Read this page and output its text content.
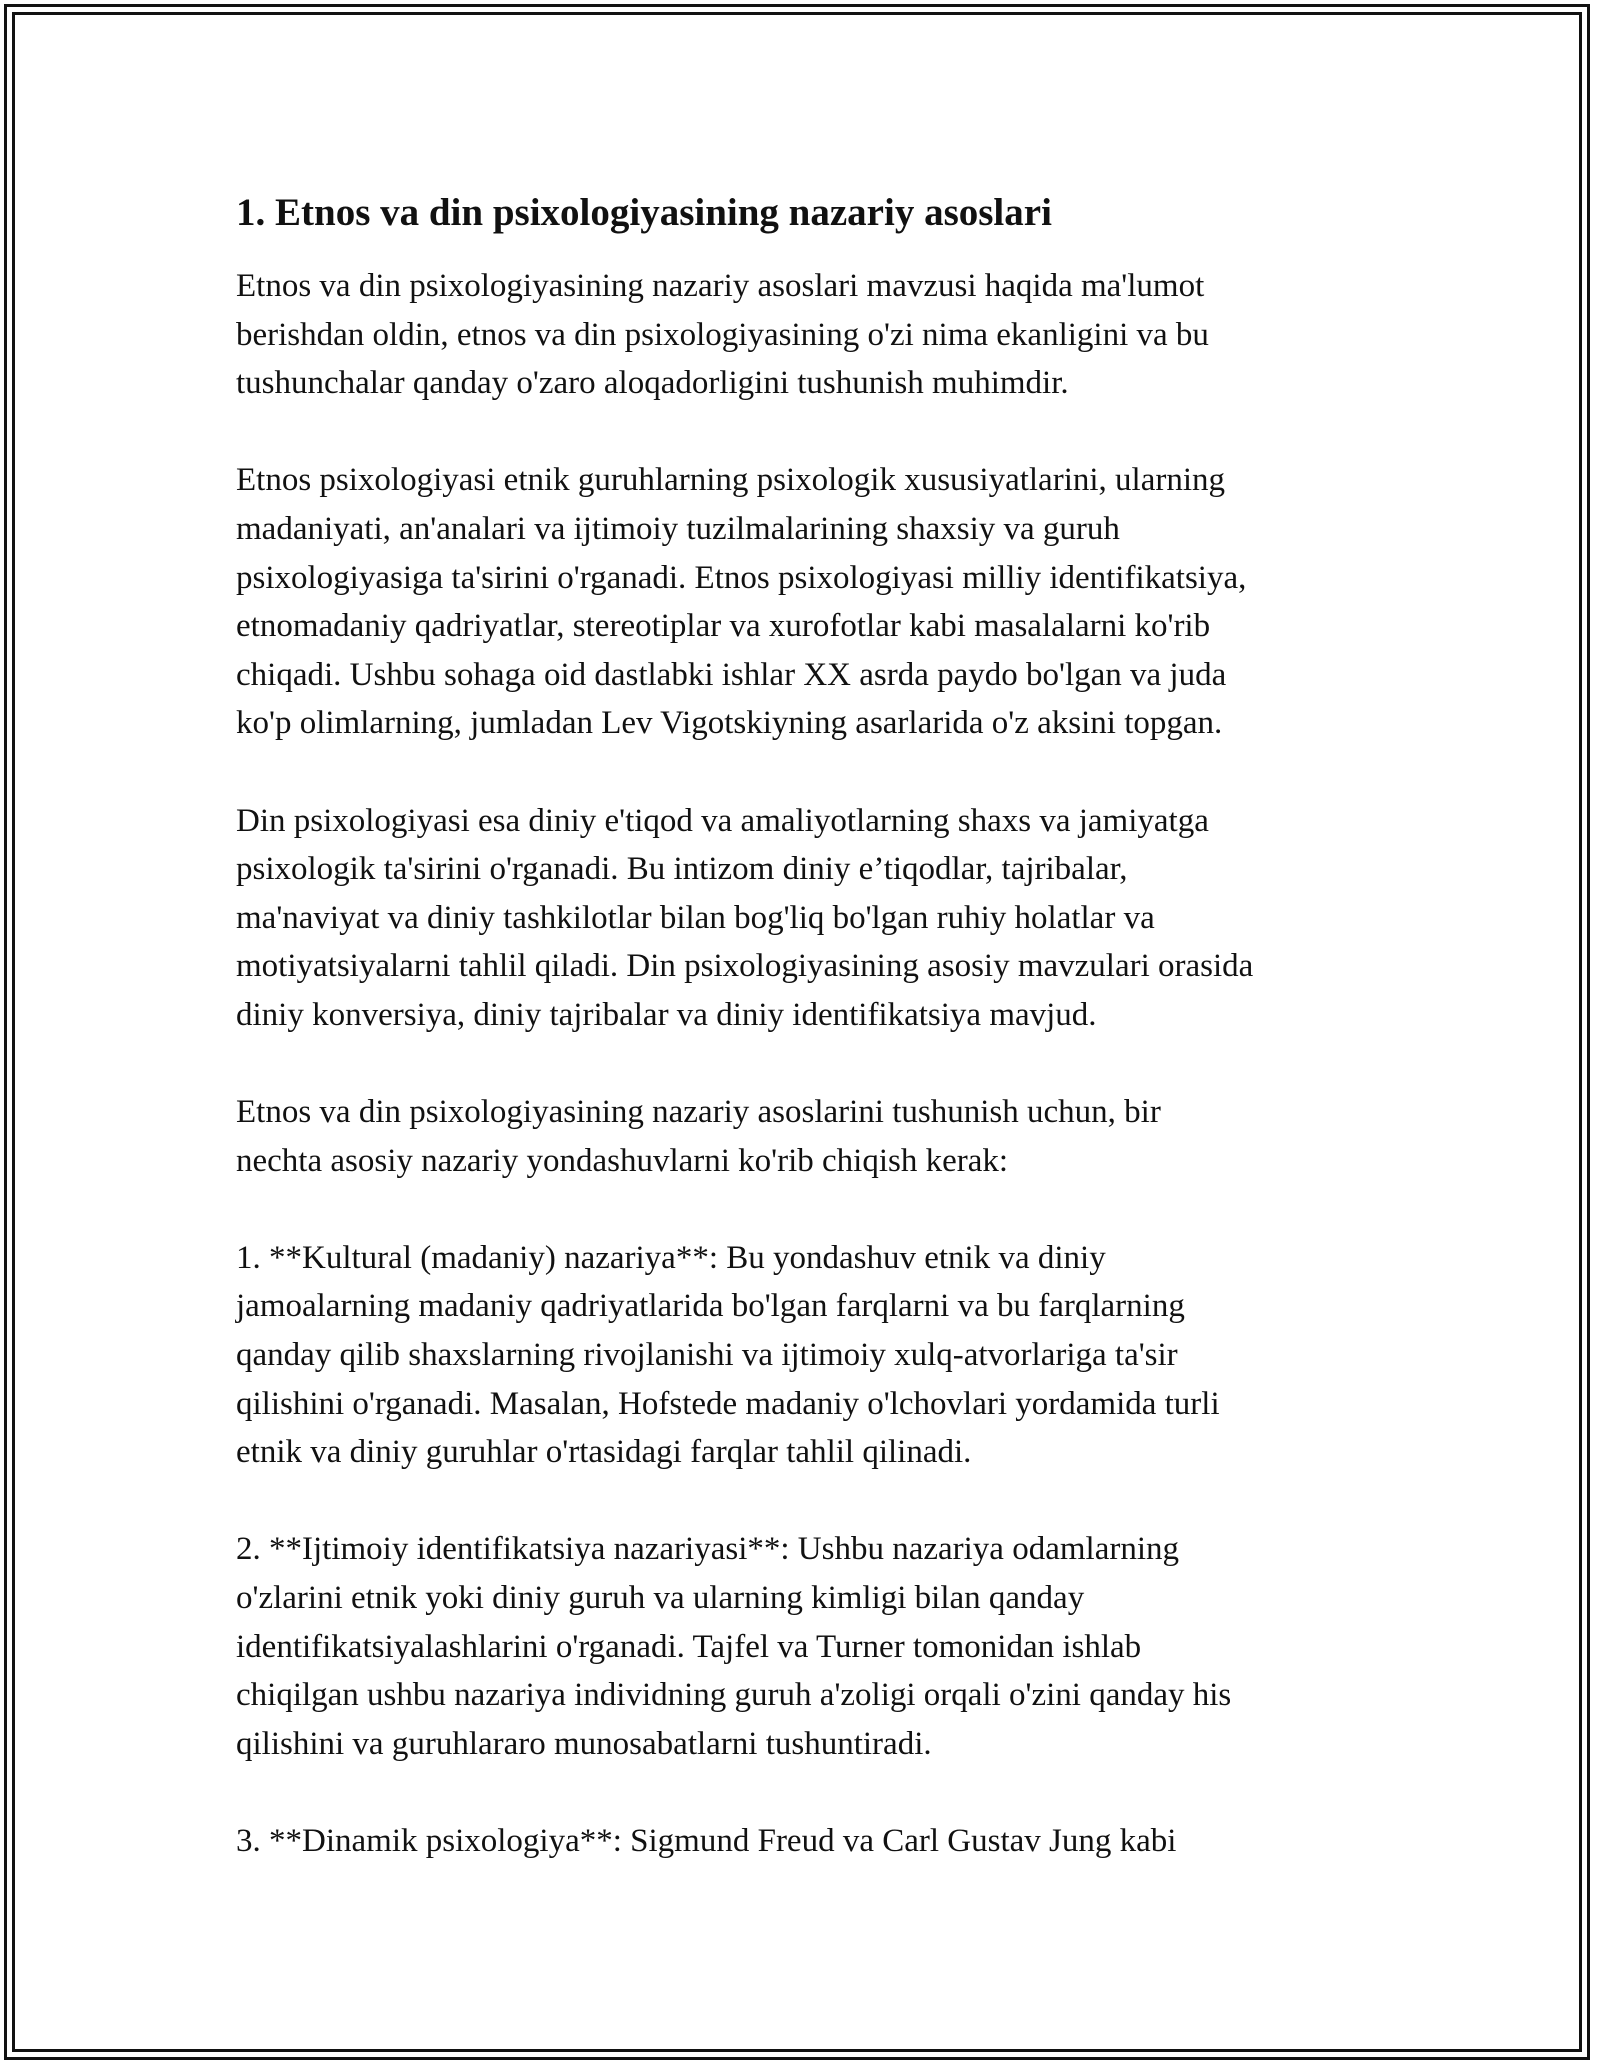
1. Etnos va din psixologiyasining nazariy asoslari
Etnos va din psixologiyasining nazariy asoslari mavzusi haqida ma'lumot
berishdan oldin, etnos va din psixologiyasining o'zi nima ekanligini va bu
tushunchalar qanday o'zaro aloqadorligini tushunish muhimdir.
Etnos psixologiyasi etnik guruhlarning psixologik xususiyatlarini, ularning
madaniyati, an'analari va ijtimoiy tuzilmalarining shaxsiy va guruh
psixologiyasiga ta'sirini o'rganadi. Etnos psixologiyasi milliy identifikatsiya,
etnomadaniy qadriyatlar, stereotiplar va xurofotlar kabi masalalarni ko'rib
chiqadi. Ushbu sohaga oid dastlabki ishlar XX asrda paydo bo'lgan va juda
ko'p olimlarning, jumladan Lev Vigotskiyning asarlarida o'z aksini topgan.
Din psixologiyasi esa diniy e'tiqod va amaliyotlarning shaxs va jamiyatga
psixologik ta'sirini o'rganadi. Bu intizom diniy e’tiqodlar, tajribalar,
ma'naviyat va diniy tashkilotlar bilan bog'liq bo'lgan ruhiy holatlar va
motiyatsiyalarni tahlil qiladi. Din psixologiyasining asosiy mavzulari orasida
diniy konversiya, diniy tajribalar va diniy identifikatsiya mavjud.
Etnos va din psixologiyasining nazariy asoslarini tushunish uchun, bir
nechta asosiy nazariy yondashuvlarni ko'rib chiqish kerak:
1. **Kultural (madaniy) nazariya**: Bu yondashuv etnik va diniy
jamoalarning madaniy qadriyatlarida bo'lgan farqlarni va bu farqlarning
qanday qilib shaxslarning rivojlanishi va ijtimoiy xulq-atvorlariga ta'sir
qilishini o'rganadi. Masalan, Hofstede madaniy o'lchovlari yordamida turli
etnik va diniy guruhlar o'rtasidagi farqlar tahlil qilinadi.
2. **Ijtimoiy identifikatsiya nazariyasi**: Ushbu nazariya odamlarning
o'zlarini etnik yoki diniy guruh va ularning kimligi bilan qanday
identifikatsiyalashlarini o'rganadi. Tajfel va Turner tomonidan ishlab
chiqilgan ushbu nazariya individning guruh a'zoligi orqali o'zini qanday his
qilishini va guruhlararo munosabatlarni tushuntiradi.
3. **Dinamik psixologiya**: Sigmund Freud va Carl Gustav Jung kabi
